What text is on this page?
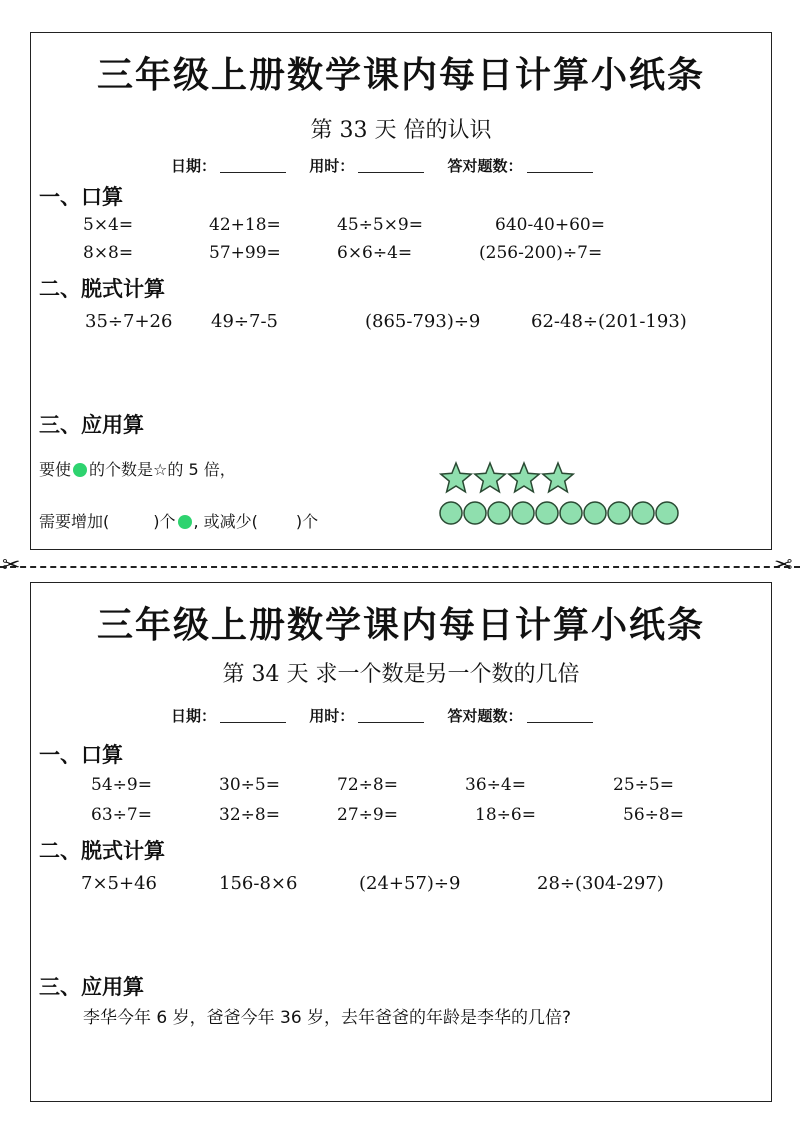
三年级上册数学课内每日计算小纸条
第 33 天 倍的认识
日期：	用时：	答对题数：
一、口算
5×4=	42+18=	45÷5×9=	640-40+60=
8×8=	57+99=	6×6÷4=	(256-200)÷7=
二、脱式计算
35÷7+26 49÷7-5	(865-793)÷9	62-48÷(201-193)
三、应用算
要使 的个数是☆的 5 倍，
需要增加(	)个 , 或减少( )个
✂	✂
三年级上册数学课内每日计算小纸条
第 34 天 求一个数是另一个数的几倍
日期：	用时：	答对题数：
一、口算
54÷9=	30÷5=	72÷8=	36÷4=	25÷5=
63÷7=	32÷8=	27÷9=	18÷6=	56÷8=
二、脱式计算
7×5+46	156-8×6	(24+57)÷9	28÷(304-297)
三、应用算
李华今年 6 岁，爸爸今年 36 岁，去年爸爸的年龄是李华的几倍?
